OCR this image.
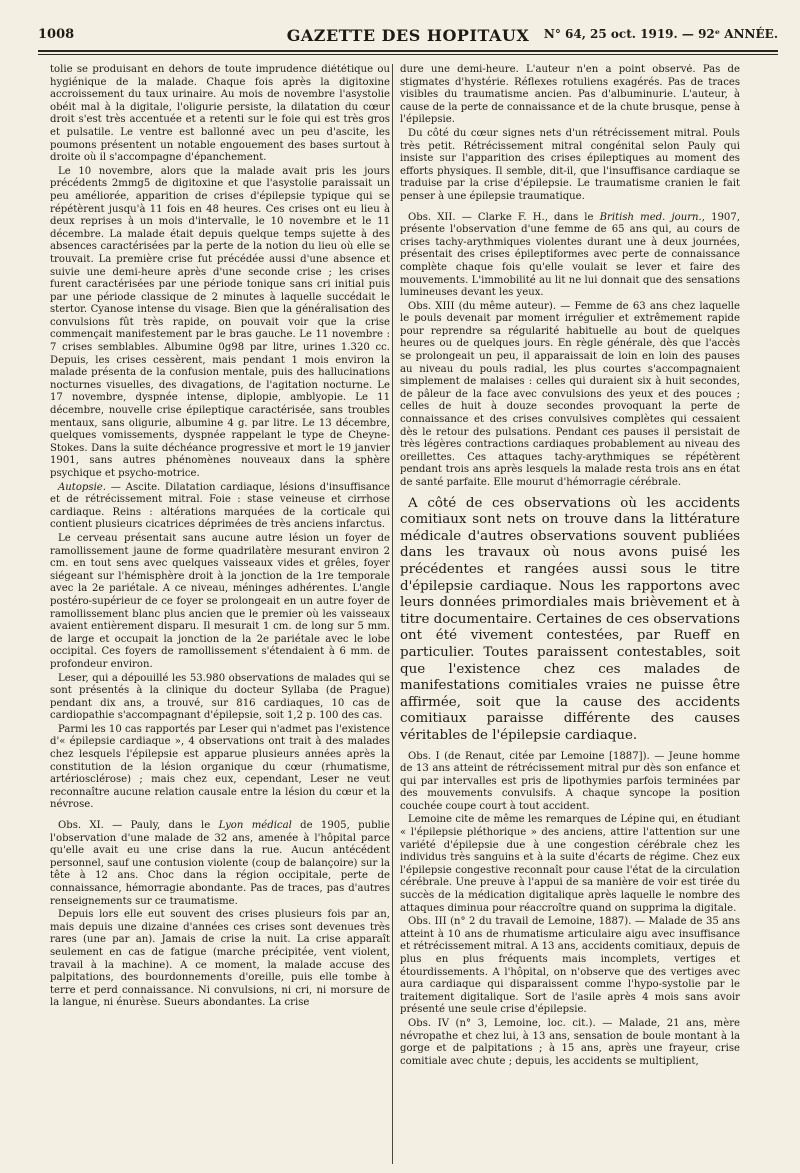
1008	GAZETTE DES HOPITAUX	N° 64, 25 oct. 1919. — 92ᵉ ANNÉE.

tolie se produisant en dehors de toute imprudence diététique ou hygiénique de la malade. Chaque fois après la digitoxine accroissement du taux urinaire. Au mois de novembre l'asystolie obéit mal à la digitale, l'oligurie persiste, la dilatation du cœur droit s'est très accentuée et a retenti sur le foie qui est très gros et pulsatile. Le ventre est ballonné avec un peu d'ascite, les poumons présentent un notable engouement des bases surtout à droite où il s'accompagne d'épanchement.

Le 10 novembre, alors que la malade avait pris les jours précédents 2mmg5 de digitoxine et que l'asystolie paraissait un peu améliorée, apparition de crises d'épilepsie typique qui se répétèrent jusqu'à 11 fois en 48 heures. Ces crises ont eu lieu à deux reprises à un mois d'intervalle, le 10 novembre et le 11 décembre. La malade était depuis quelque temps sujette à des absences caractérisées par la perte de la notion du lieu où elle se trouvait. La première crise fut précédée aussi d'une absence et suivie une demi-heure après d'une seconde crise ; les crises furent caractérisées par une période tonique sans cri initial puis par une période classique de 2 minutes à laquelle succédait le stertor. Cyanose intense du visage. Bien que la généralisation des convulsions fût très rapide, on pouvait voir que la crise commençait manifestement par le bras gauche. Le 11 novembre : 7 crises semblables. Albumine 0g98 par litre, urines 1.320 cc. Depuis, les crises cessèrent, mais pendant 1 mois environ la malade présenta de la confusion mentale, puis des hallucinations nocturnes visuelles, des divagations, de l'agitation nocturne. Le 17 novembre, dyspnée intense, diplopie, amblyopie. Le 11 décembre, nouvelle crise épileptique caractérisée, sans troubles mentaux, sans oligurie, albumine 4 g. par litre. Le 13 décembre, quelques vomissements, dyspnée rappelant le type de Cheyne-Stokes. Dans la suite déchéance progressive et mort le 19 janvier 1901, sans autres phénomènes nouveaux dans la sphère psychique et psycho-motrice.

Autopsie. — Ascite. Dilatation cardiaque, lésions d'insuffisance et de rétrécissement mitral. Foie : stase veineuse et cirrhose cardiaque. Reins : altérations marquées de la corticale qui contient plusieurs cicatrices déprimées de très anciens infarctus.

Le cerveau présentait sans aucune autre lésion un foyer de ramollissement jaune de forme quadrilatère mesurant environ 2 cm. en tout sens avec quelques vaisseaux vides et grêles, foyer siégeant sur l'hémisphère droit à la jonction de la 1re temporale avec la 2e pariétale. A ce niveau, méninges adhérentes. L'angle postéro-supérieur de ce foyer se prolongeait en un autre foyer de ramollissement blanc plus ancien que le premier où les vaisseaux avaient entièrement disparu. Il mesurait 1 cm. de long sur 5 mm. de large et occupait la jonction de la 2e pariétale avec le lobe occipital. Ces foyers de ramollissement s'étendaient à 6 mm. de profondeur environ.

Leser, qui a dépouillé les 53.980 observations de malades qui se sont présentés à la clinique du docteur Syllaba (de Prague) pendant dix ans, a trouvé, sur 816 cardiaques, 10 cas de cardiopathie s'accompagnant d'épilepsie, soit 1,2 p. 100 des cas.

Parmi les 10 cas rapportés par Leser qui n'admet pas l'existence d'« épilepsie cardiaque », 4 observations ont trait à des malades chez lesquels l'épilepsie est apparue plusieurs années après la constitution de la lésion organique du cœur (rhumatisme, artériosclérose) ; mais chez eux, cependant, Leser ne veut reconnaître aucune relation causale entre la lésion du cœur et la névrose.

Obs. XI. — Pauly, dans le Lyon médical de 1905, publie l'observation d'une malade de 32 ans, amenée à l'hôpital parce qu'elle avait eu une crise dans la rue. Aucun antécédent personnel, sauf une contusion violente (coup de balançoire) sur la tête à 12 ans. Choc dans la région occipitale, perte de connaissance, hémorragie abondante. Pas de traces, pas d'autres renseignements sur ce traumatisme.

Depuis lors elle eut souvent des crises plusieurs fois par an, mais depuis une dizaine d'années ces crises sont devenues très rares (une par an). Jamais de crise la nuit. La crise apparaît seulement en cas de fatigue (marche précipitée, vent violent, travail à la machine). A ce moment, la malade accuse des palpitations, des bourdonnements d'oreille, puis elle tombe à terre et perd connaissance. Ni convulsions, ni cri, ni morsure de la langue, ni énurèse. Sueurs abondantes. La crise

dure une demi-heure. L'auteur n'en a point observé. Pas de stigmates d'hystérie. Réflexes rotuliens exagérés. Pas de traces visibles du traumatisme ancien. Pas d'albuminurie. L'auteur, à cause de la perte de connaissance et de la chute brusque, pense à l'épilepsie.

Du côté du cœur signes nets d'un rétrécissement mitral. Pouls très petit. Rétrécissement mitral congénital selon Pauly qui insiste sur l'apparition des crises épileptiques au moment des efforts physiques. Il semble, dit-il, que l'insuffisance cardiaque se traduise par la crise d'épilepsie. Le traumatisme cranien le fait penser à une épilepsie traumatique.

Obs. XII. — Clarke F. H., dans le British med. journ., 1907, présente l'observation d'une femme de 65 ans qui, au cours de crises tachy-arythmiques violentes durant une à deux journées, présentait des crises épileptiformes avec perte de connaissance complète chaque fois qu'elle voulait se lever et faire des mouvements. L'immobilité au lit ne lui donnait que des sensations lumineuses devant les yeux.

Obs. XIII (du même auteur). — Femme de 63 ans chez laquelle le pouls devenait par moment irrégulier et extrêmement rapide pour reprendre sa régularité habituelle au bout de quelques heures ou de quelques jours. En règle générale, dès que l'accès se prolongeait un peu, il apparaissait de loin en loin des pauses au niveau du pouls radial, les plus courtes s'accompagnaient simplement de malaises : celles qui duraient six à huit secondes, de pâleur de la face avec convulsions des yeux et des pouces ; celles de huit à douze secondes provoquant la perte de connaissance et des crises convulsives complètes qui cessaient dès le retour des pulsations. Pendant ces pauses il persistait de très légères contractions cardiaques probablement au niveau des oreillettes. Ces attaques tachy-arythmiques se répétèrent pendant trois ans après lesquels la malade resta trois ans en état de santé parfaite. Elle mourut d'hémorragie cérébrale.

A côté de ces observations où les accidents comitiaux sont nets on trouve dans la littérature médicale d'autres observations souvent publiées dans les travaux où nous avons puisé les précédentes et rangées aussi sous le titre d'épilepsie cardiaque. Nous les rapportons avec leurs données primordiales mais brièvement et à titre documentaire. Certaines de ces observations ont été vivement contestées, par Rueff en particulier. Toutes paraissent contestables, soit que l'existence chez ces malades de manifestations comitiales vraies ne puisse être affirmée, soit que la cause des accidents comitiaux paraisse différente des causes véritables de l'épilepsie cardiaque.

Obs. I (de Renaut, citée par Lemoine [1887]). — Jeune homme de 13 ans atteint de rétrécissement mitral pur dès son enfance et qui par intervalles est pris de lipothymies parfois terminées par des mouvements convulsifs. A chaque syncope la position couchée coupe court à tout accident.

Lemoine cite de même les remarques de Lépine qui, en étudiant « l'épilepsie pléthorique » des anciens, attire l'attention sur une variété d'épilepsie due à une congestion cérébrale chez les individus très sanguins et à la suite d'écarts de régime. Chez eux l'épilepsie congestive reconnaît pour cause l'état de la circulation cérébrale. Une preuve à l'appui de sa manière de voir est tirée du succès de la médication digitalique après laquelle le nombre des attaques diminua pour réaccroître quand on supprima la digitale.

Obs. III (n° 2 du travail de Lemoine, 1887). — Malade de 35 ans atteint à 10 ans de rhumatisme articulaire aigu avec insuffisance et rétrécissement mitral. A 13 ans, accidents comitiaux, depuis de plus en plus fréquents mais incomplets, vertiges et étourdissements. A l'hôpital, on n'observe que des vertiges avec aura cardiaque qui disparaissent comme l'hypo-systolie par le traitement digitalique. Sort de l'asile après 4 mois sans avoir présenté une seule crise d'épilepsie.

Obs. IV (n° 3, Lemoine, loc. cit.). — Malade, 21 ans, mère névropathe et chez lui, à 13 ans, sensation de boule montant à la gorge et de palpitations ; à 15 ans, après une frayeur, crise comitiale avec chute ; depuis, les accidents se multiplient,
